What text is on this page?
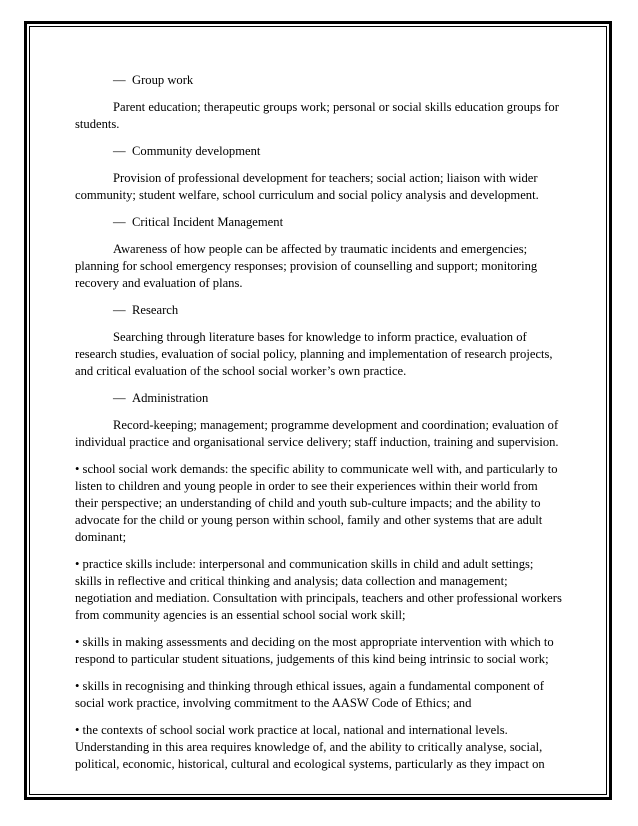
— Group work

Parent education; therapeutic groups work; personal or social skills education groups for students.

— Community development

Provision of professional development for teachers; social action; liaison with wider community; student welfare, school curriculum and social policy analysis and development.

— Critical Incident Management

Awareness of how people can be affected by traumatic incidents and emergencies; planning for school emergency responses; provision of counselling and support; monitoring recovery and evaluation of plans.

— Research

Searching through literature bases for knowledge to inform practice, evaluation of research studies, evaluation of social policy, planning and implementation of research projects, and critical evaluation of the school social worker’s own practice.

— Administration

Record-keeping; management; programme development and coordination; evaluation of individual practice and organisational service delivery; staff induction, training and supervision.

• school social work demands: the specific ability to communicate well with, and particularly to listen to children and young people in order to see their experiences within their world from their perspective; an understanding of child and youth sub-culture impacts; and the ability to advocate for the child or young person within school, family and other systems that are adult dominant;

• practice skills include: interpersonal and communication skills in child and adult settings; skills in reflective and critical thinking and analysis; data collection and management; negotiation and mediation. Consultation with principals, teachers and other professional workers from community agencies is an essential school social work skill;

• skills in making assessments and deciding on the most appropriate intervention with which to respond to particular student situations, judgements of this kind being intrinsic to social work;

• skills in recognising and thinking through ethical issues, again a fundamental component of social work practice, involving commitment to the AASW Code of Ethics; and

• the contexts of school social work practice at local, national and international levels. Understanding in this area requires knowledge of, and the ability to critically analyse, social, political, economic, historical, cultural and ecological systems, particularly as they impact on
